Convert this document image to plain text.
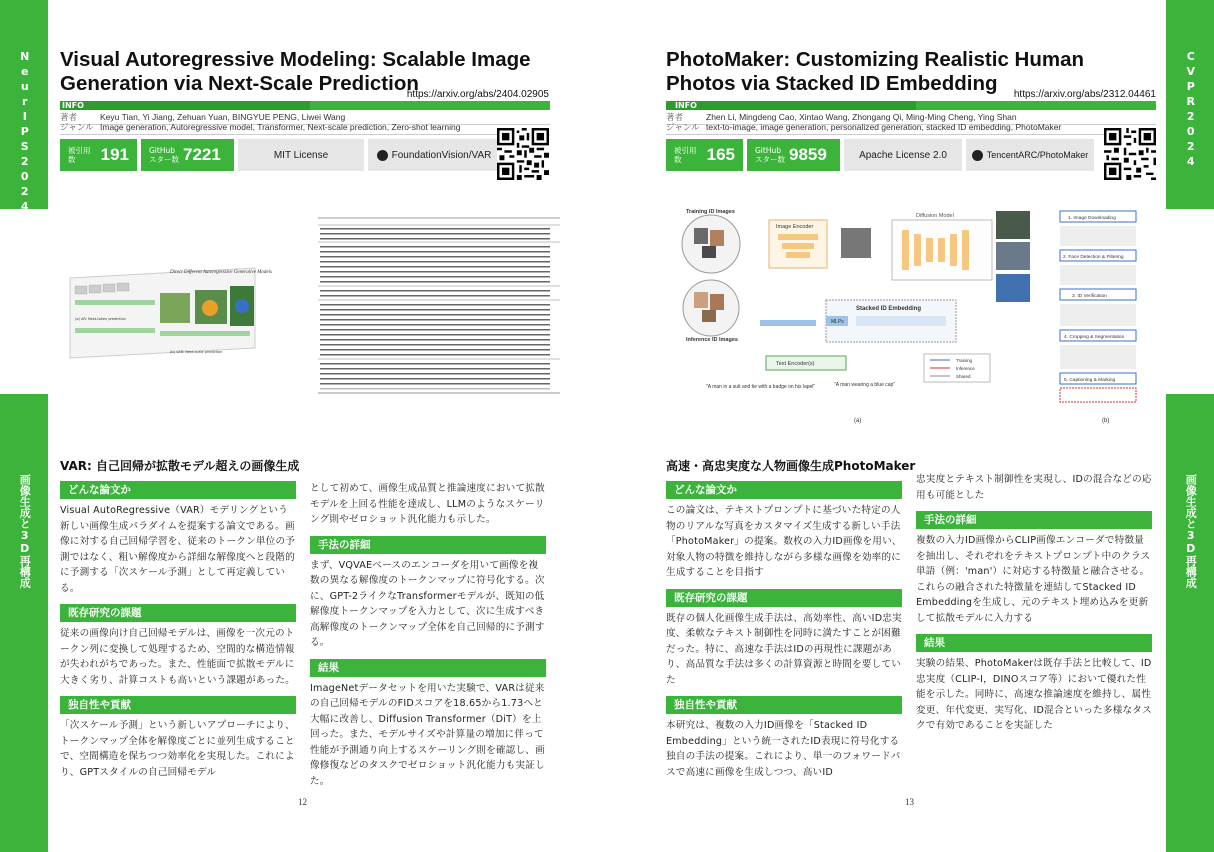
NeurIPS2024
画像生成と3D再構成
CVPR2024
画像生成と3D再構成
Visual Autoregressive Modeling: Scalable Image Generation via Next-Scale Prediction
https://arxiv.org/abs/2404.02905
INFO
著者	Keyu Tian, Yi Jiang, Zehuan Yuan, BINGYUE PENG, Liwei Wang
ジャンル Image generation, Autoregressive model, Transformer, Next-scale prediction, Zero-shot learning
被引用数	191	GitHub スター数 7221	MIT License	FoundationVision/VAR
Direct Different Autoregressive Generative Models
(a) AR: Next-token prediction
(b) VAR: Next-scale prediction
VAR: 自己回帰が拡散モデル超えの画像生成
どんな論文か
Visual AutoRegressive（VAR）モデリングという新しい画像生成パラダイムを提案する論文である。画像に対する自己回帰学習を、従来のトークン単位の予測ではなく、粗い解像度から詳細な解像度へと段階的に予測する「次スケール予測」として再定義している。
既存研究の課題
従来の画像向け自己回帰モデルは、画像を一次元のトークン列に変換して処理するため、空間的な構造情報が失われがちであった。また、性能面で拡散モデルに大きく劣り、計算コストも高いという課題があった。
独自性や貢献
「次スケール予測」という新しいアプローチにより、トークンマップ全体を解像度ごとに並列生成することで、空間構造を保ちつつ効率化を実現した。これにより、GPTスタイルの自己回帰モデル
として初めて、画像生成品質と推論速度において拡散モデルを上回る性能を達成し、LLMのようなスケーリング則やゼロショット汎化能力も示した。
手法の詳細
まず、VQVAEベースのエンコーダを用いて画像を複数の異なる解像度のトークンマップに符号化する。次に、GPT-2ライクなTransformerモデルが、既知の低解像度トークンマップを入力として、次に生成すべき高解像度のトークンマップ全体を自己回帰的に予測する。
結果
ImageNetデータセットを用いた実験で、VARは従来の自己回帰モデルのFIDスコアを18.65から1.73へと大幅に改善し、Diffusion Transformer（DiT）を上回った。また、モデルサイズや計算量の増加に伴って性能が予測通り向上するスケーリング則を確認し、画像修復などのタスクでゼロショット汎化能力も実証した。
12
PhotoMaker: Customizing Realistic Human Photos via Stacked ID Embedding	https://arxiv.org/abs/2312.04461
INFO
著者	Zhen Li, Mingdeng Cao, Xintao Wang, Zhongang Qi, Ming-Ming Cheng, Ying Shan
ジャンル text-to-image, image generation, personalized generation, stacked ID embedding, PhotoMaker
被引用数	165	GitHub スター数 9859	Apache License 2.0	TencentARC/PhotoMaker
Training ID Images
Inference ID Images
Image Encoder
Diffusion Model
Stacked ID Embedding
MLPs
Text Encoder(s)
"A man in a suit and tie with a badge on his lapel"	"A man wearing a blue cap"
Training
Inference
Shared
(a)
1. Image Downloading
2. Face Detection & Filtering
3. ID Verification
4. Cropping & Segmentation
5. Captioning & Marking
(b)
高速・高忠実度な人物画像生成PhotoMaker
どんな論文か
この論文は、テキストプロンプトに基づいた特定の人物のリアルな写真をカスタマイズ生成する新しい手法「PhotoMaker」の提案。数枚の入力ID画像を用い、対象人物の特徴を維持しながら多様な画像を効率的に生成することを目指す
既存研究の課題
既存の個人化画像生成手法は、高効率性、高いID忠実度、柔軟なテキスト制御性を同時に満たすことが困難だった。特に、高速な手法はIDの再現性に課題があり、高品質な手法は多くの計算資源と時間を要していた
独自性や貢献
本研究は、複数の入力ID画像を「Stacked ID Embedding」という統一されたID表現に符号化する独自の手法の提案。これにより、単一のフォワードパスで高速に画像を生成しつつ、高いID
忠実度とテキスト制御性を実現し、IDの混合などの応用も可能とした
手法の詳細
複数の入力ID画像からCLIP画像エンコーダで特徴量を抽出し、それぞれをテキストプロンプト中のクラス単語（例：'man'）に対応する特徴量と融合させる。これらの融合された特徴量を連結してStacked ID Embeddingを生成し、元のテキスト埋め込みを更新して拡散モデルに入力する
結果
実験の結果、PhotoMakerは既存手法と比較して、ID忠実度（CLIP-I，DINOスコア等）において優れた性能を示した。同時に、高速な推論速度を維持し、属性変更、年代変更、実写化、ID混合といった多様なタスクで有効であることを実証した
13
